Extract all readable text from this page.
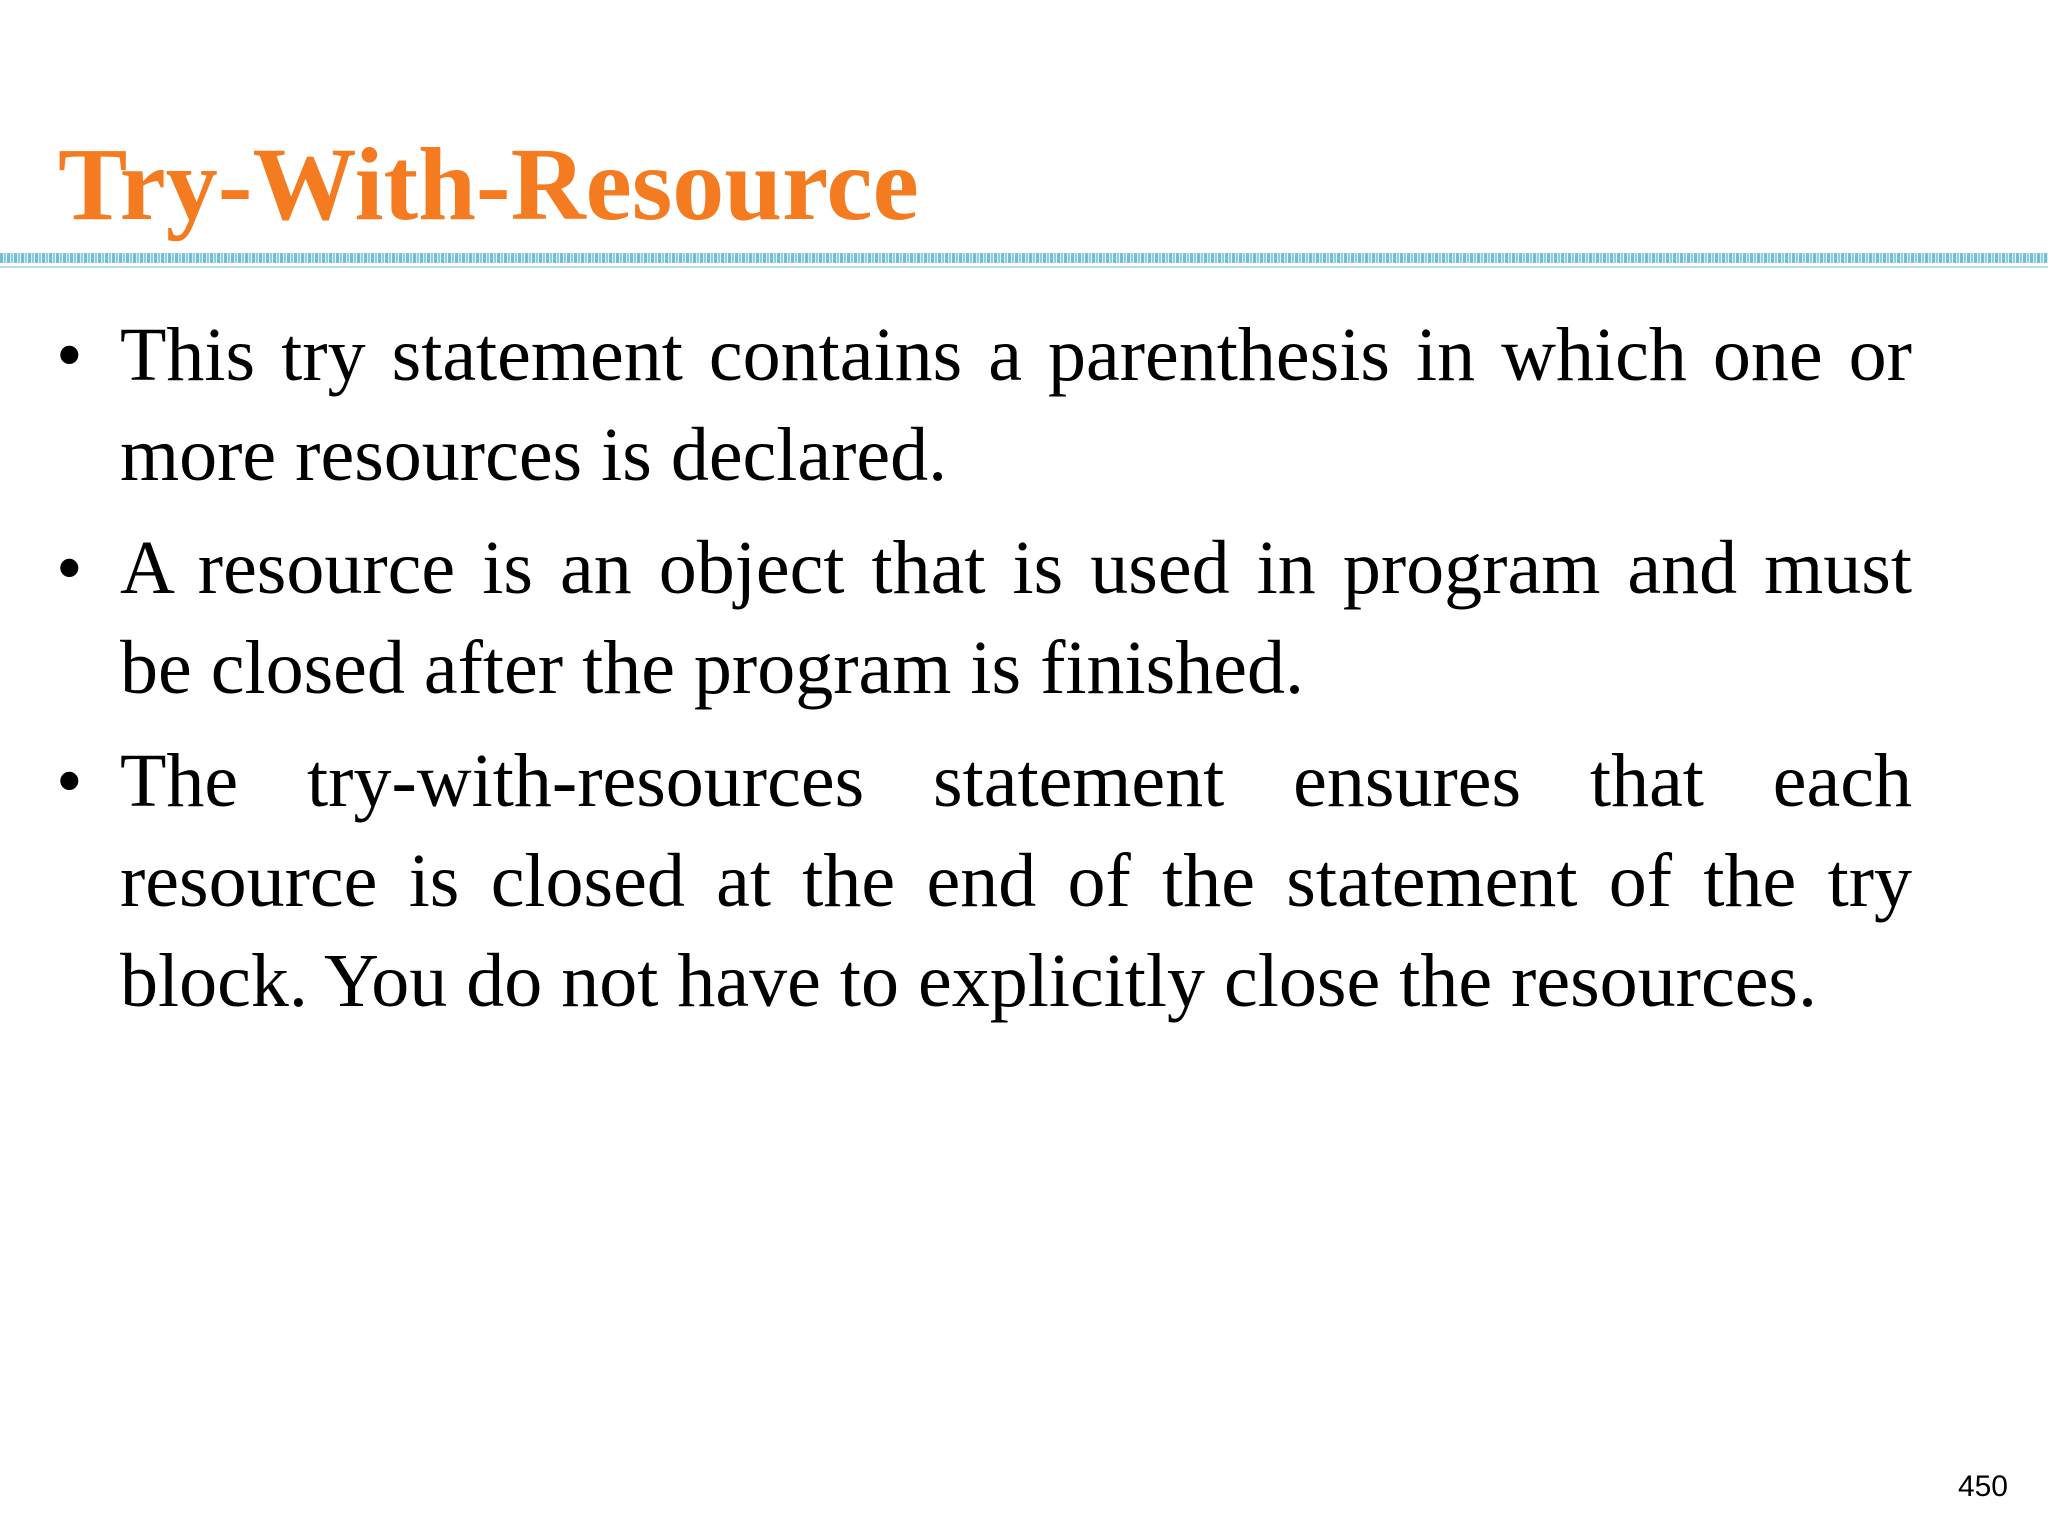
Try-With-Resource
• This try statement contains a parenthesis in which one or more resources is declared.
• A resource is an object that is used in program and must be closed after the program is finished.
• The try-with-resources statement ensures that each resource is closed at the end of the statement of the try block. You do not have to explicitly close the resources.
450
